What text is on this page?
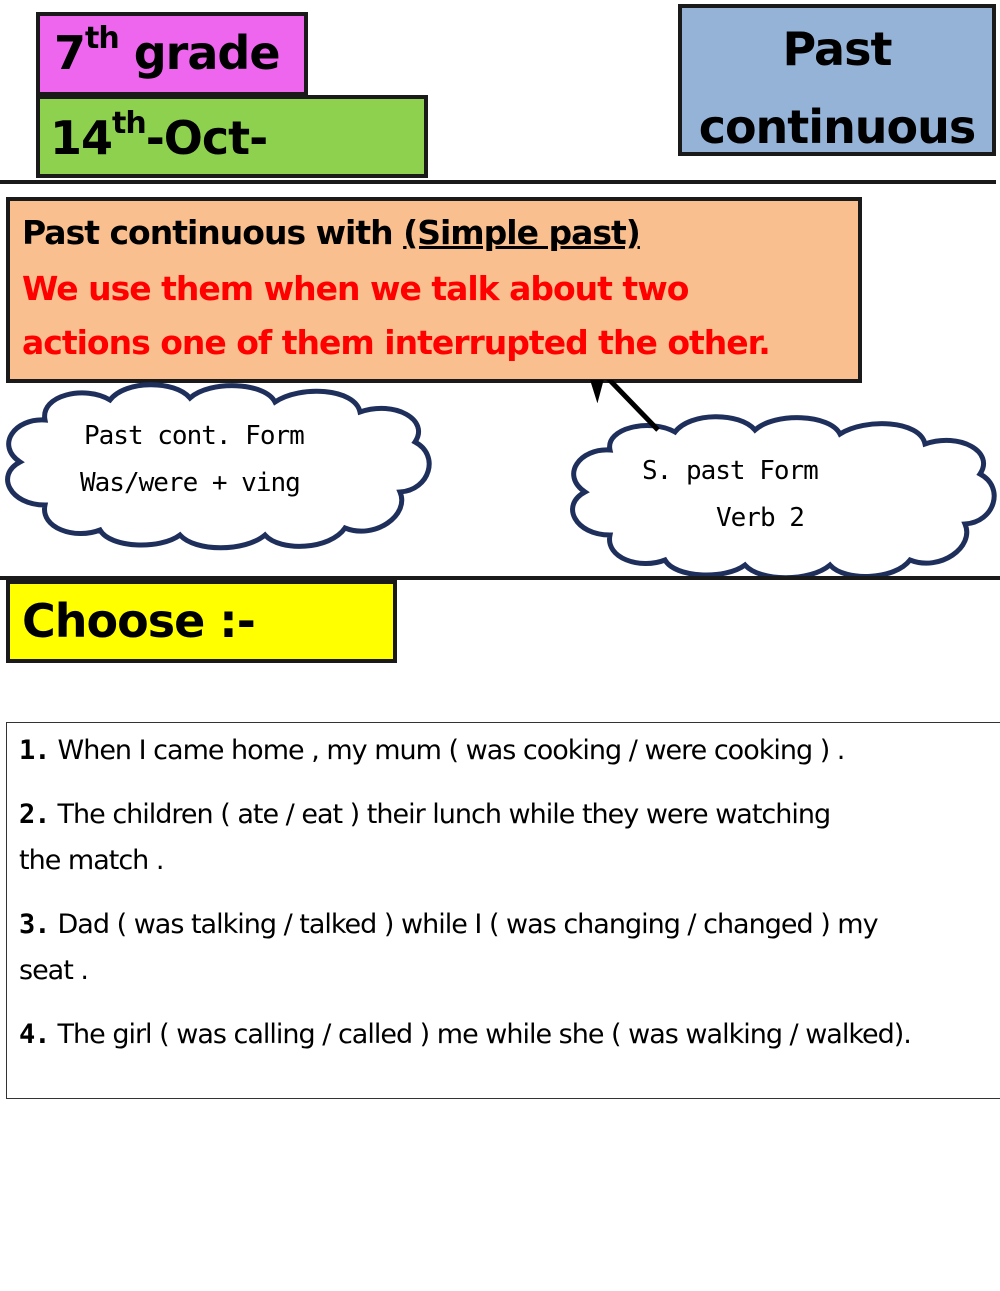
7th grade
14th-Oct-
Past
continuous
Past continuous with (Simple past)
We use them when we talk about two
actions one of them interrupted the other.
Past cont. Form
Was/were + ving	S. past Form
Verb 2
Choose :-
1. When I came home , my mum ( was cooking / were cooking ) .
2. The children ( ate / eat ) their lunch while they were watching
the match .
3. Dad ( was talking / talked ) while I ( was changing / changed ) my
seat .
4. The girl ( was calling / called ) me while she ( was walking / walked).
